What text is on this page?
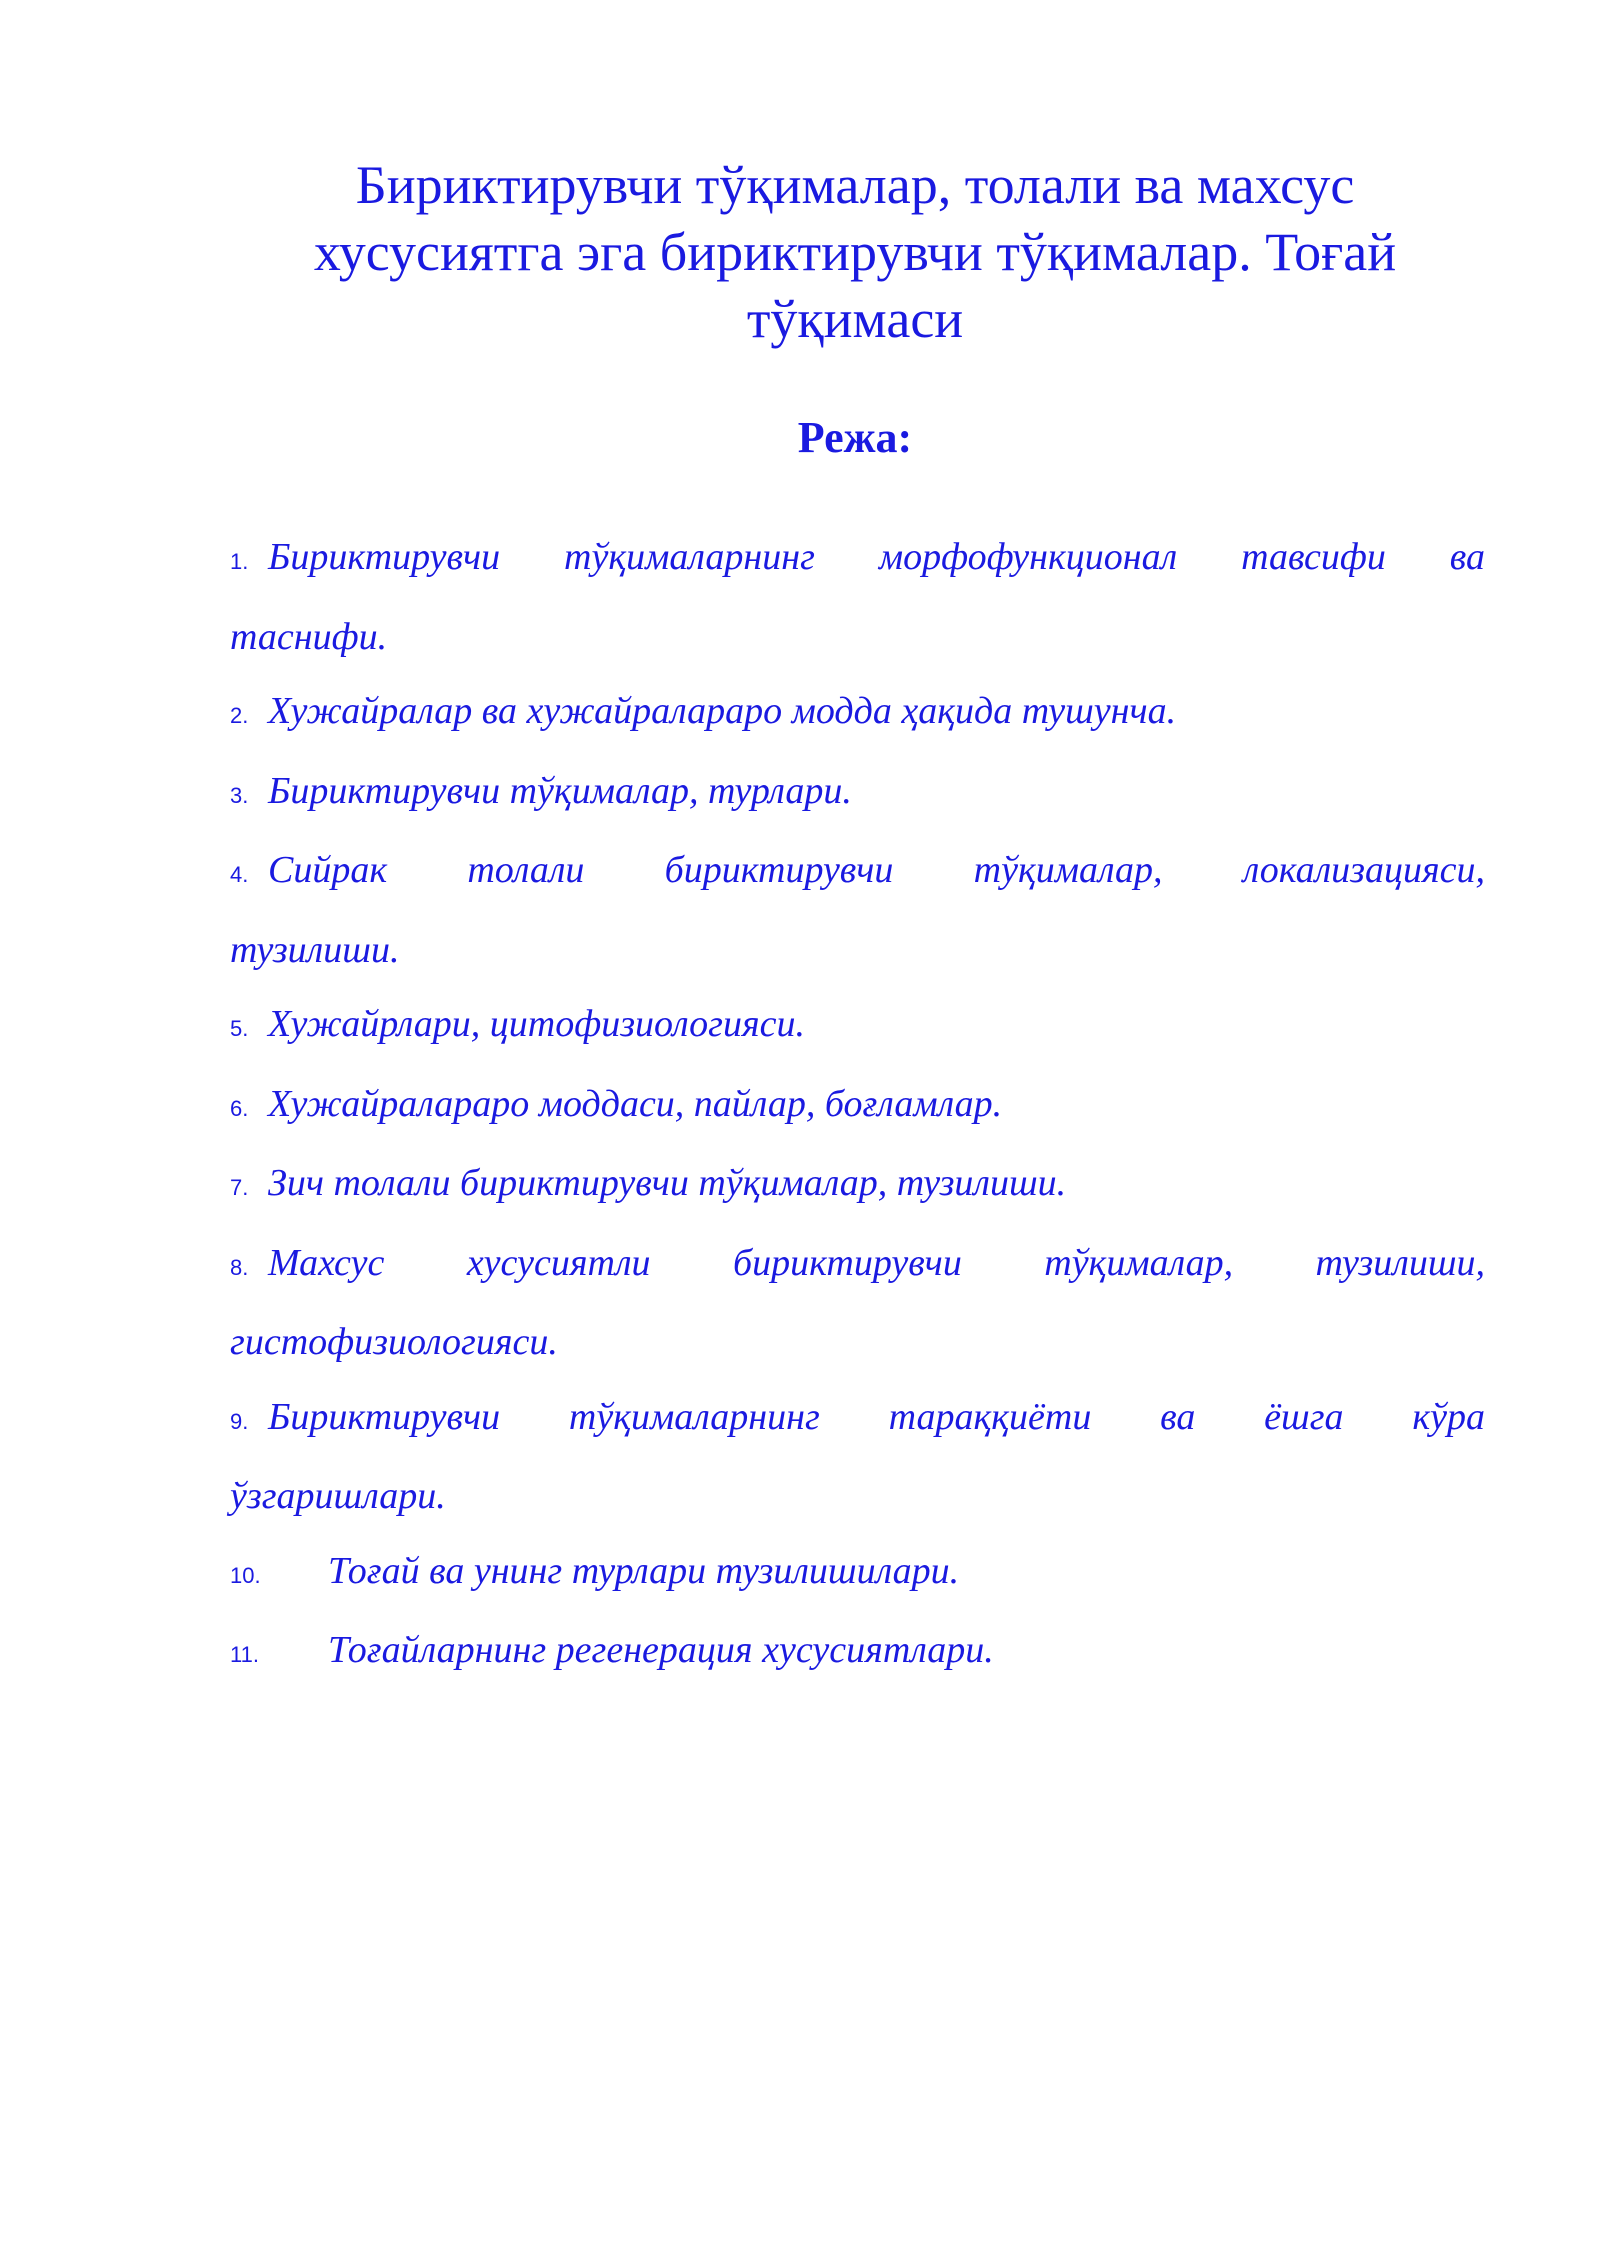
Бириктирувчи тўқималар, толали ва махсус
хусусиятга эга бириктирувчи тўқималар. Тоғай
тўқимаси
Режа:
1. Бириктирувчи тўқималарнинг морфофункционал тавсифи ва
таснифи.
2. Хужайралар ва хужайралараро модда ҳақида тушунча.
3. Бириктирувчи тўқималар, турлари.
4. Сийрак толали бириктирувчи тўқималар, локализацияси,
тузилиши.
5. Хужайрлари, цитофизиологияси.
6. Хужайралараро моддаси, пайлар, боғламлар.
7. Зич толали бириктирувчи тўқималар, тузилиши.
8. Махсус хусусиятли бириктирувчи тўқималар, тузилиши,
гистофизиологияси.
9. Бириктирувчи тўқималарнинг тараққиёти ва ёшга кўра
ўзгаришлари.
10. Тоғай ва унинг турлари тузилишилари.
11. Тоғайларнинг регенерация хусусиятлари.
